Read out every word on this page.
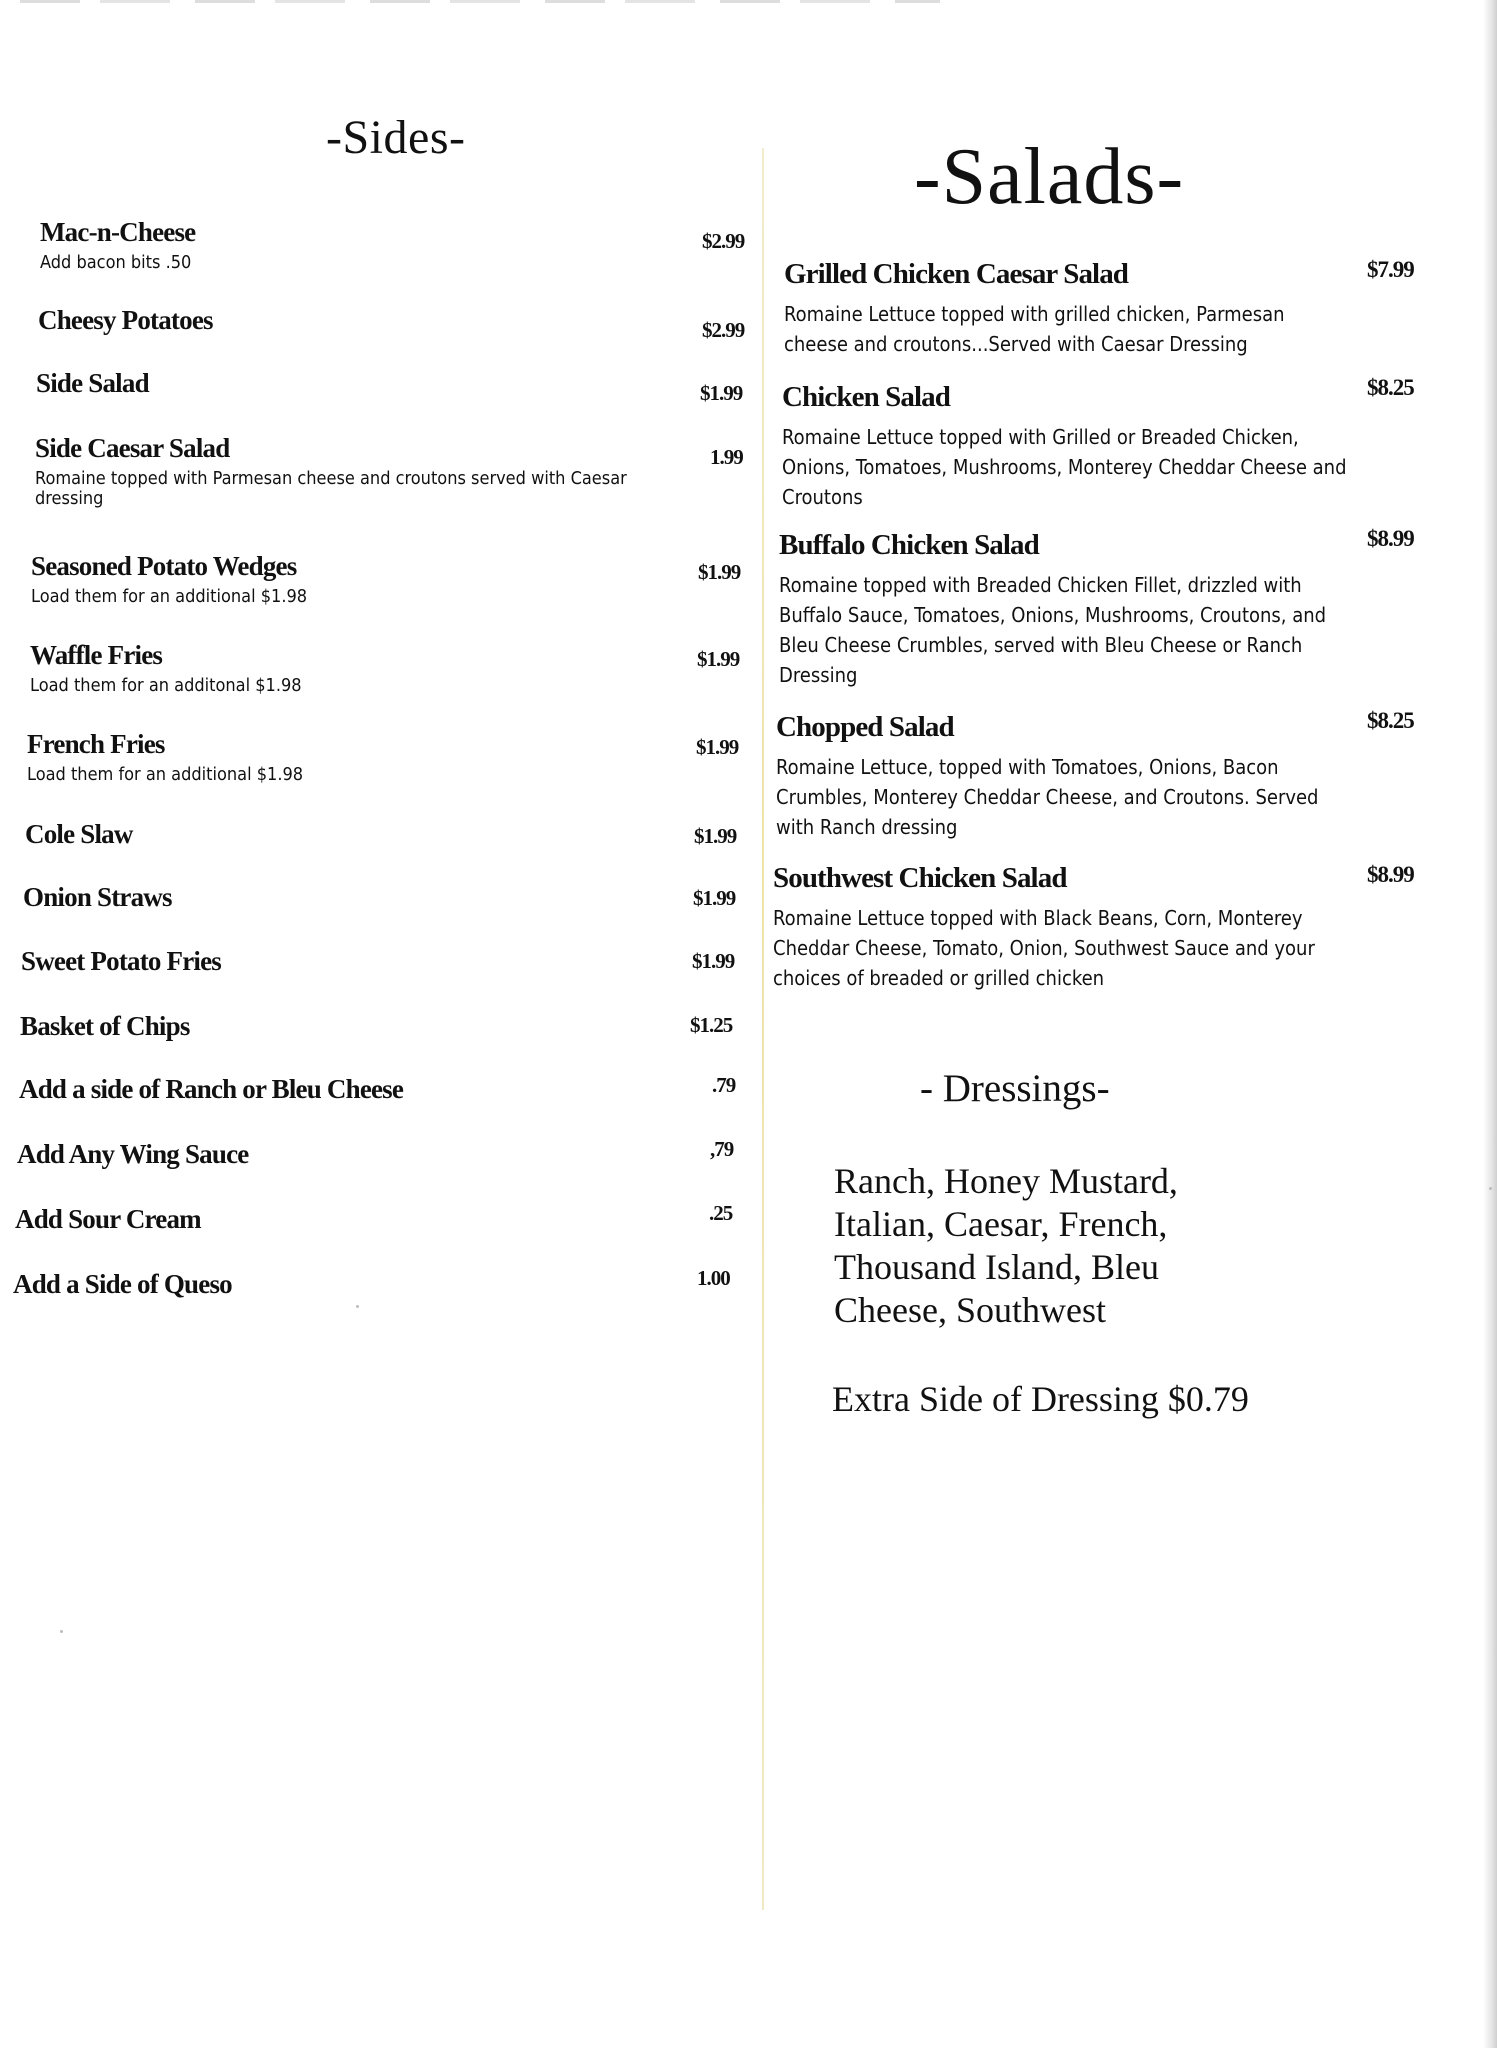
-Sides-
Mac-n-Cheese
Add bacon bits .50
$2.99
Cheesy Potatoes	$2.99
Side Salad	$1.99
Side Caesar Salad
Romaine topped with Parmesan cheese and croutons served with Caesar dressing
1.99
Seasoned Potato Wedges
Load them for an additional $1.98
$1.99
Waffle Fries
Load them for an additonal $1.98
$1.99
French Fries
Load them for an additional $1.98
$1.99
Cole Slaw	$1.99
Onion Straws	$1.99
Sweet Potato Fries	$1.99
Basket of Chips	$1.25
Add a side of Ranch or Bleu Cheese	.79
Add Any Wing Sauce	,79
Add Sour Cream	.25
Add a Side of Queso	1.00
-Salads-
Grilled Chicken Caesar Salad
Romaine Lettuce topped with grilled chicken, Parmesan
cheese and croutons...Served with Caesar Dressing
$7.99
Chicken Salad
Romaine Lettuce topped with Grilled or Breaded Chicken,
Onions, Tomatoes, Mushrooms, Monterey Cheddar Cheese and
Croutons
$8.25
Buffalo Chicken Salad
Romaine topped with Breaded Chicken Fillet, drizzled with
Buffalo Sauce, Tomatoes, Onions, Mushrooms, Croutons, and
Bleu Cheese Crumbles, served with Bleu Cheese or Ranch
Dressing
$8.99
Chopped Salad
Romaine Lettuce, topped with Tomatoes, Onions, Bacon
Crumbles, Monterey Cheddar Cheese, and Croutons. Served
with Ranch dressing
$8.25
Southwest Chicken Salad
Romaine Lettuce topped with Black Beans, Corn, Monterey
Cheddar Cheese, Tomato, Onion, Southwest Sauce and your
choices of breaded or grilled chicken
$8.99
- Dressings-
Ranch, Honey Mustard,
Italian, Caesar, French,
Thousand Island, Bleu
Cheese, Southwest
Extra Side of Dressing $0.79
